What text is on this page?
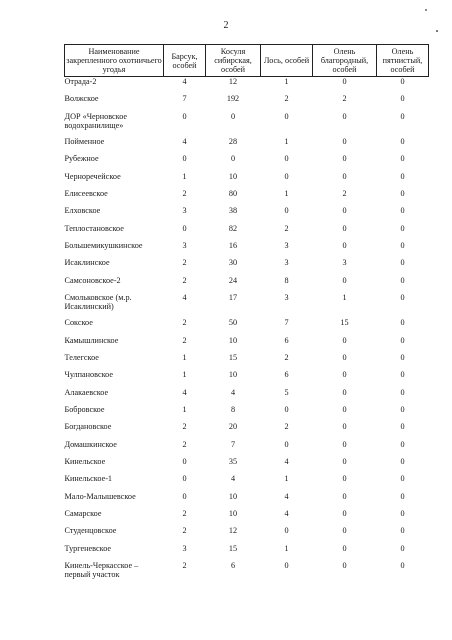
2
Наименование закрепленного охотничьего угодья	Барсук, особей	Косуля сибирская, особей	Лось, особей	Олень благородный, особей	Олень пятнистый, особей
Отрада-2	4	12	1	0	0
Волжское	7	192	2	2	0
ДОР «Черновское водохранилище»	0	0	0	0	0
Пойменное	4	28	1	0	0
Рубежное	0	0	0	0	0
Черноречейское	1	10	0	0	0
Елисеевское	2	80	1	2	0
Елховское	3	38	0	0	0
Теплостановское	0	82	2	0	0
Большемикушкинское	3	16	3	0	0
Исаклинское	2	30	3	3	0
Самсоновское-2	2	24	8	0	0
Смольковское (м.р. Исаклинский)	4	17	3	1	0
Сокское	2	50	7	15	0
Камышлинское	2	10	6	0	0
Телегское	1	15	2	0	0
Чулпановское	1	10	6	0	0
Алакаевское	4	4	5	0	0
Бобровское	1	8	0	0	0
Богдановское	2	20	2	0	0
Домашкинское	2	7	0	0	0
Кинельское	0	35	4	0	0
Кинельское-1	0	4	1	0	0
Мало-Малышевское	0	10	4	0	0
Самарское	2	10	4	0	0
Студенцовское	2	12	0	0	0
Тургеневское	3	15	1	0	0
Кинель-Черкасское – первый участок	2	6	0	0	0
